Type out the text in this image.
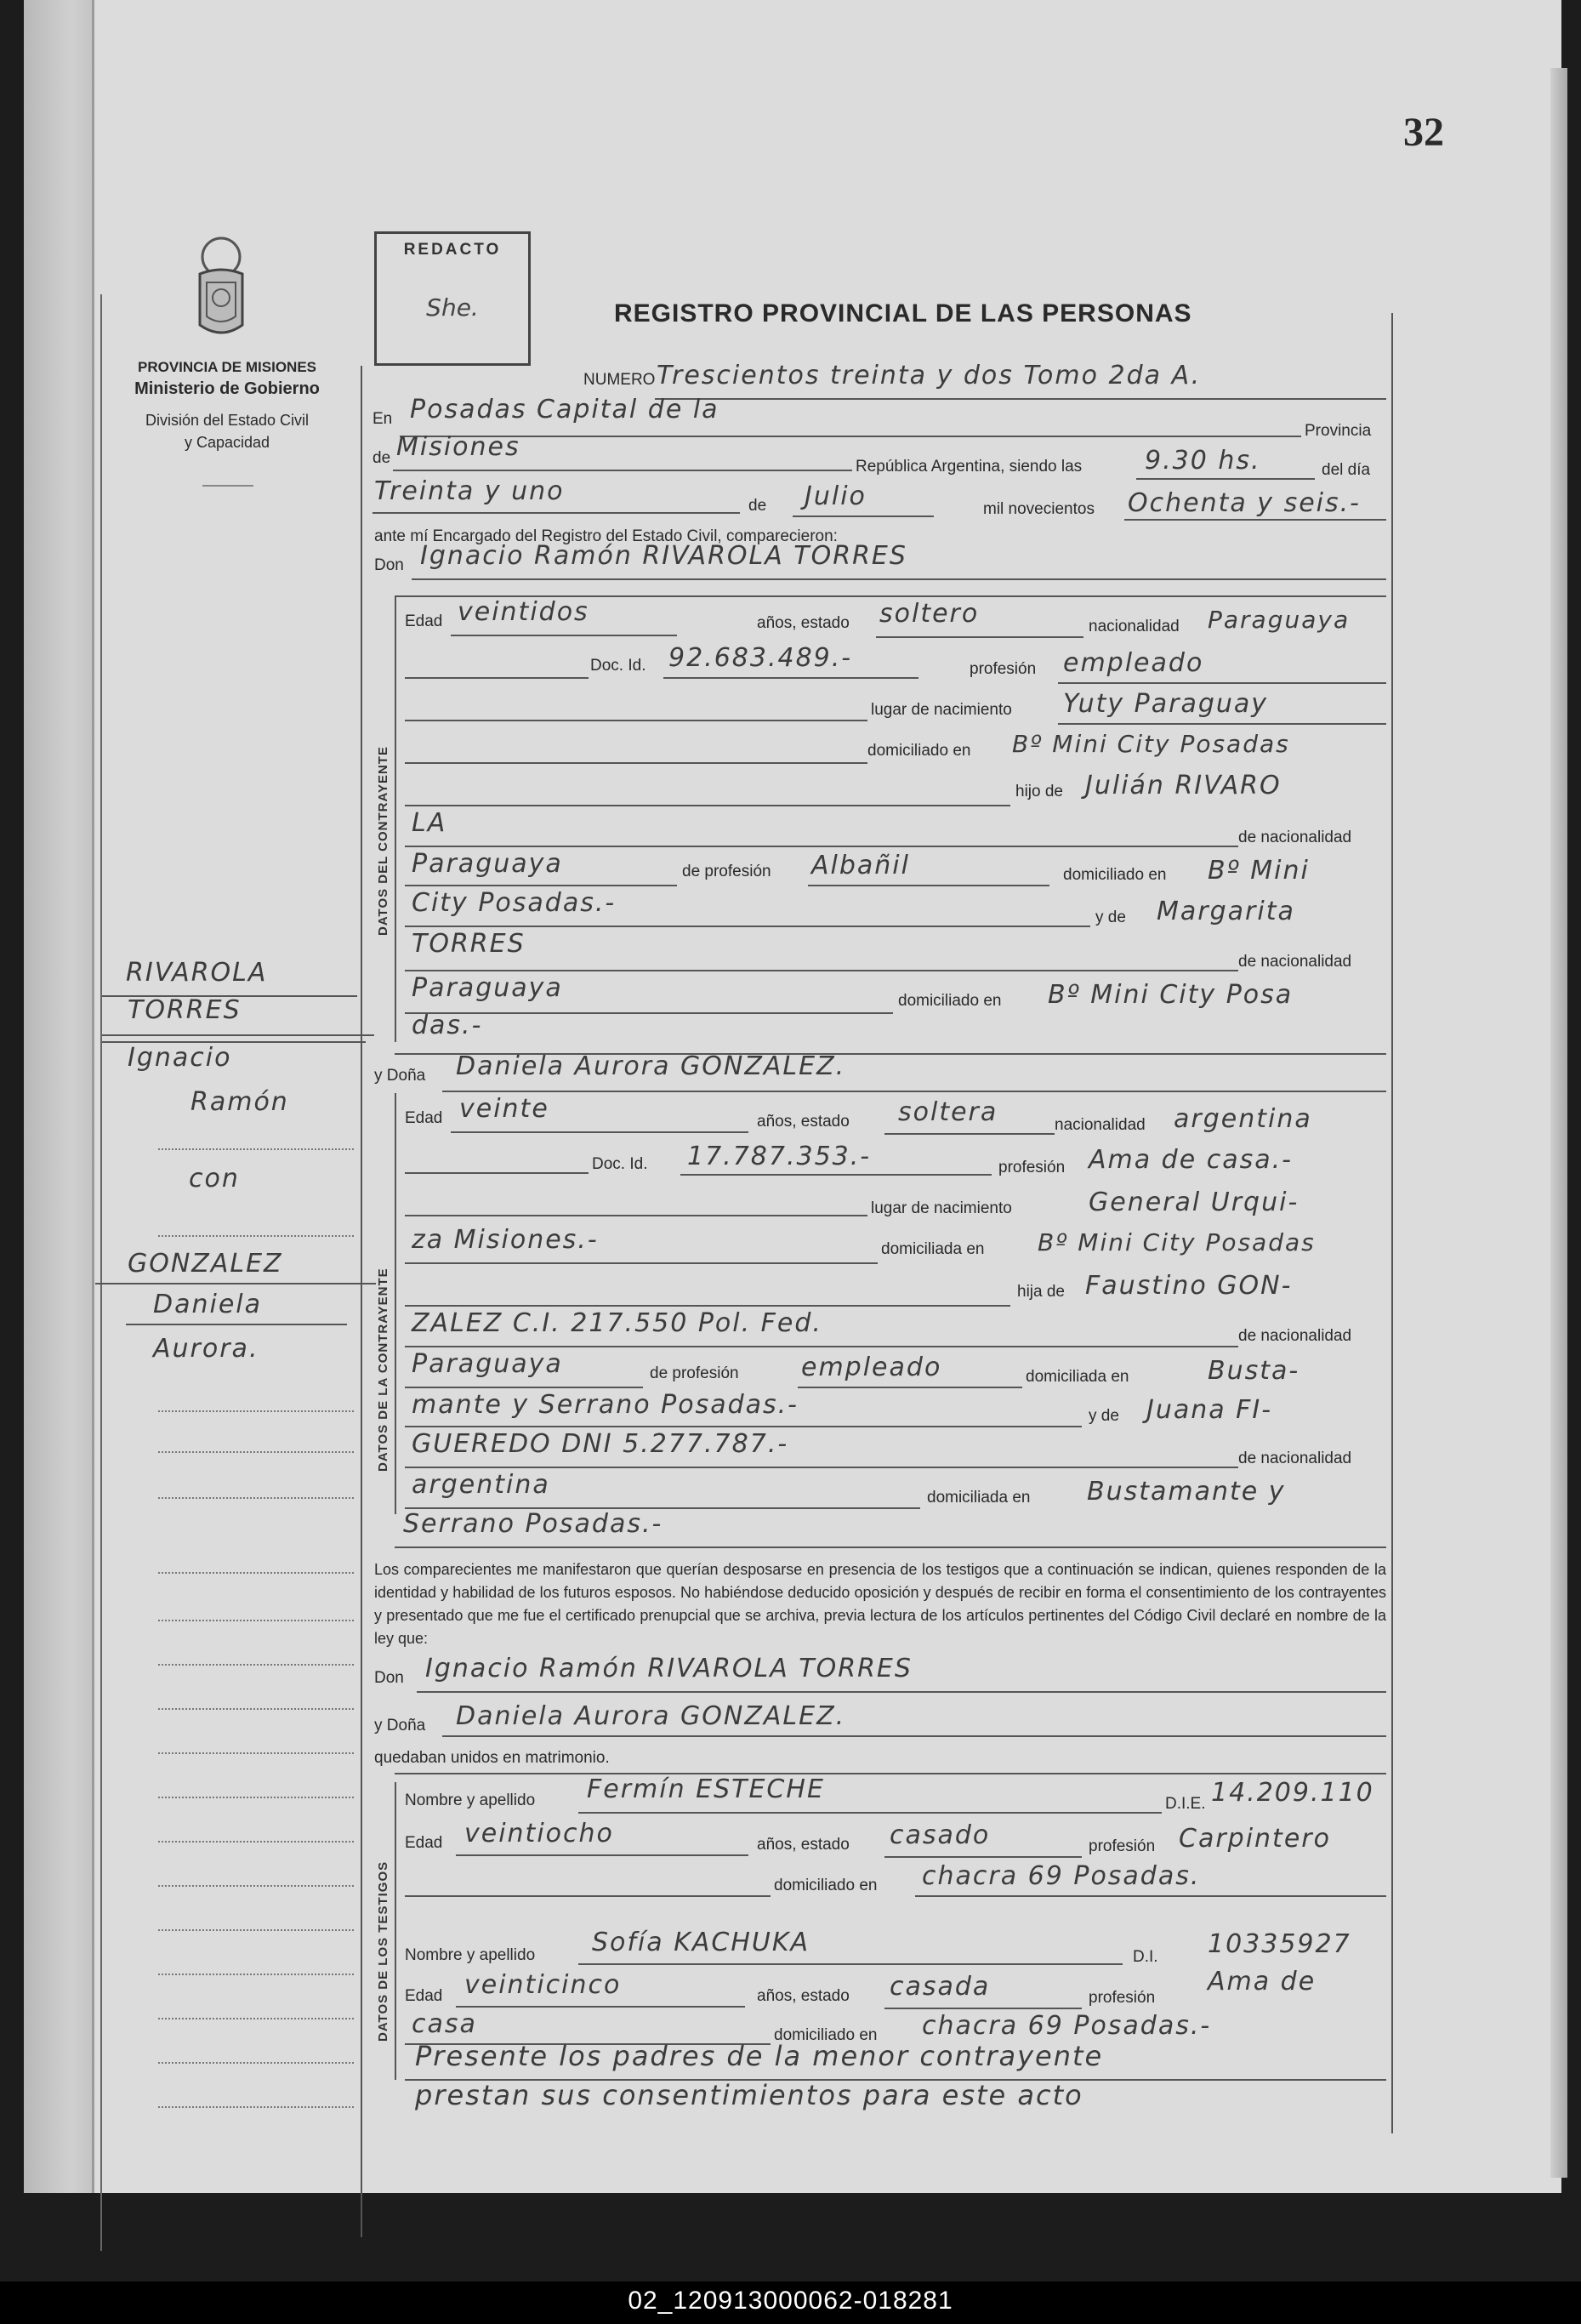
32
PROVINCIA DE MISIONES
Ministerio de Gobierno
División del Estado Civil
y Capacidad
REDACTO
She.	REGISTRO PROVINCIAL DE LAS PERSONAS
NUMERO Trescientos treinta y dos Tomo 2da A.
En Posadas Capital de la
Provincia
de Misiones
República Argentina, siendo las 9.30 hs.	del día
Treinta y uno	de Julio	mil novecientos Ochenta y seis.-
ante mí Encargado del Registro del Estado Civil, comparecieron:
Don Ignacio Ramón RIVAROLA TORRES
DATOS DEL CONTRAYENTE
Edad veintidos	años, estado soltero	nacionalidad Paraguaya
Doc. Id. 92.683.489.-	profesión empleado
lugar de nacimiento Yuty Paraguay
domiciliado en Bº Mini City Posadas
hijo de Julián RIVARO
LA	de nacionalidad
Paraguaya	de profesión Albañil	domiciliado en Bº Mini
City Posadas.-	y de Margarita
TORRES
de nacionalidad
Paraguaya	domiciliado en Bº Mini City Posa
das.-
y Doña Daniela Aurora GONZALEZ.
DATOS DE LA CONTRAYENTE
Edad veinte	años, estado soltera	nacionalidad argentina
Doc. Id. 17.787.353.-	profesión Ama de casa.-
lugar de nacimiento	General Urqui-
za Misiones.-	domiciliada en Bº Mini City Posadas
hija de Faustino GON-
ZALEZ C.I. 217.550 Pol. Fed.	de nacionalidad
Paraguaya	de profesión empleado	domiciliada en	Busta-
mante y Serrano Posadas.-	y de Juana FI-
GUEREDO DNI 5.277.787.-	de nacionalidad
argentina	domiciliada en Bustamante y
Serrano Posadas.-
Los comparecientes me manifestaron que querían desposarse en presencia de los testigos que a continuación se indican, quienes responden de la identidad y habilidad de los futuros esposos. No habiéndose deducido oposición y después de recibir en forma el consentimiento de los contrayentes y presentado que me fue el certificado prenupcial que se archiva, previa lectura de los artículos pertinentes del Código Civil declaré en nombre de la ley que:
Don Ignacio Ramón RIVAROLA TORRES
y Doña Daniela Aurora GONZALEZ.
quedaban unidos en matrimonio.
DATOS DE LOS TESTIGOS
Nombre y apellido Fermín ESTECHE	D.I.E. 14.209.110
Edad veintiocho	años, estado casado	profesión Carpintero
domiciliado en chacra 69 Posadas.
Nombre y apellido Sofía KACHUKA	D.I. 10335927
Edad veinticinco	años, estado casada	profesión
Ama de
casa	domiciliado en chacra 69 Posadas.-
Presente los padres de la menor contrayente
prestan sus consentimientos para este acto
RIVAROLA
TORRES
Ignacio
Ramón
con
GONZALEZ
Daniela
Aurora.
02_120913000062-018281
